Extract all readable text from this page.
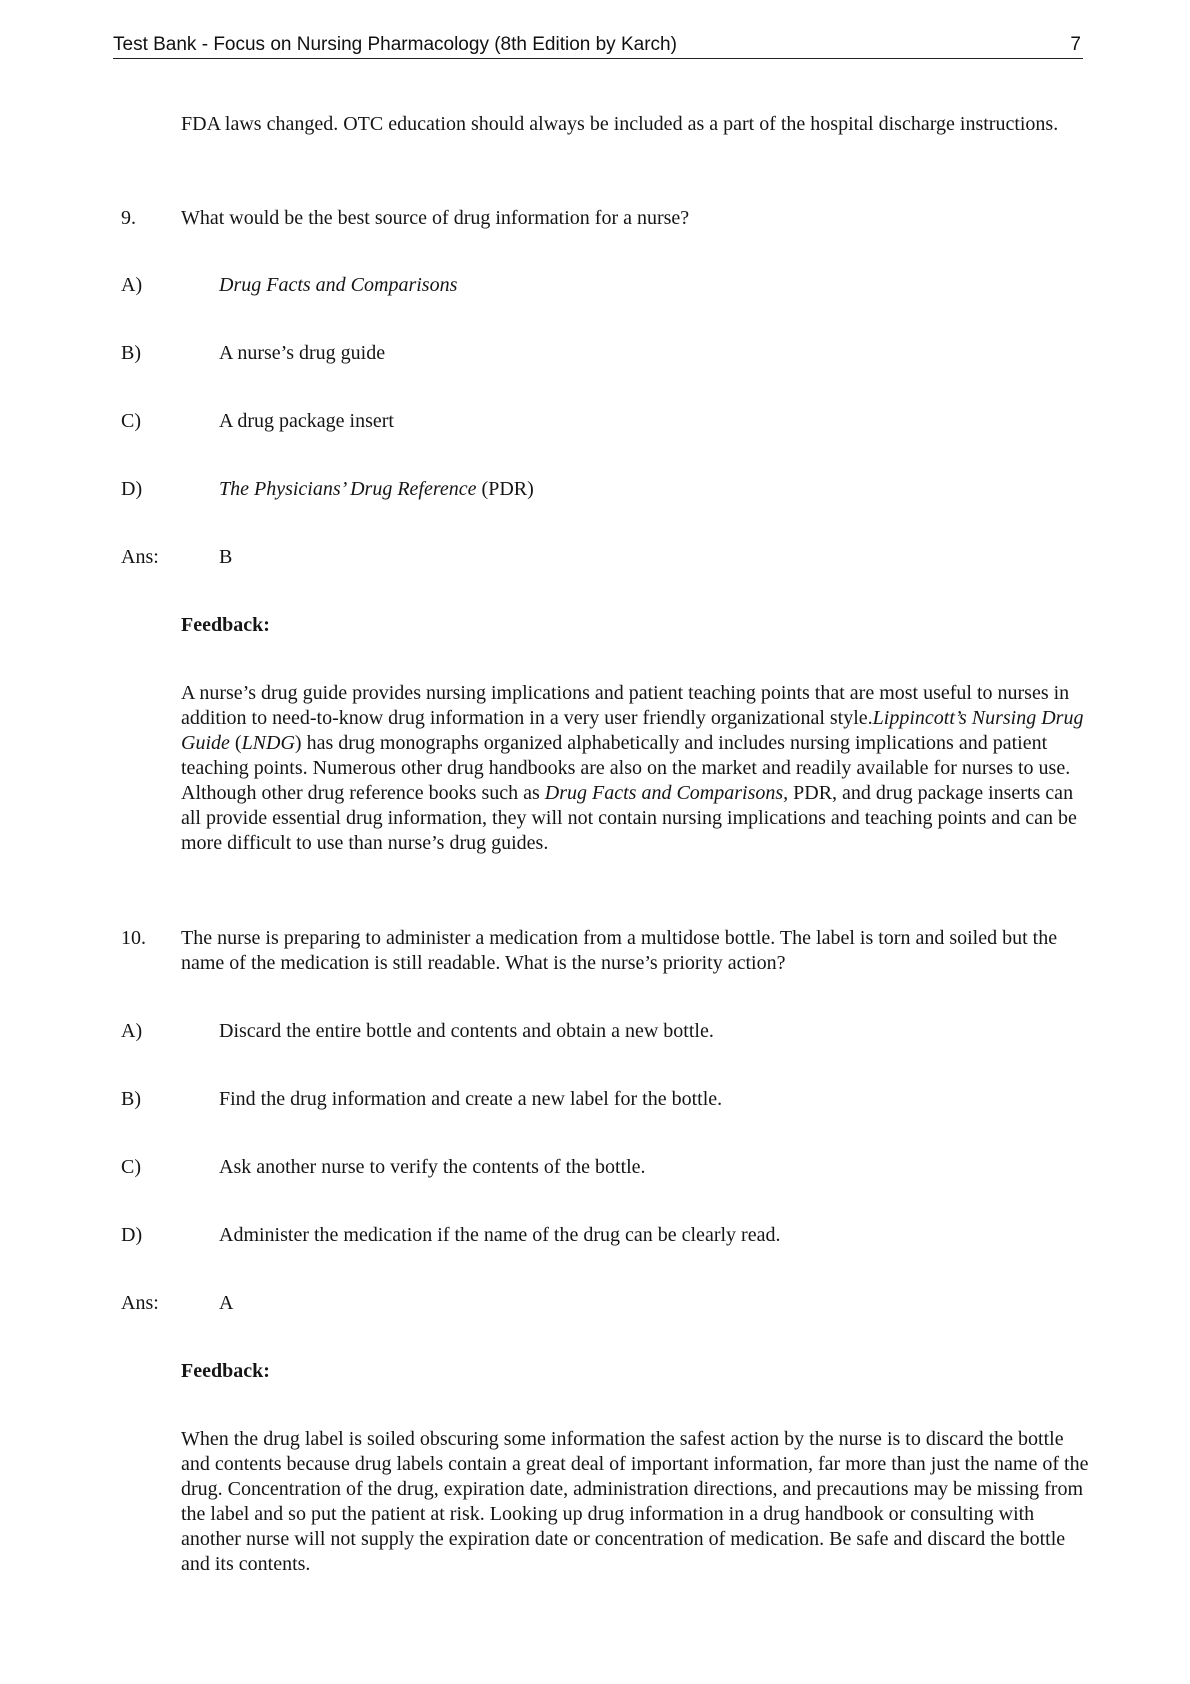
Test Bank - Focus on Nursing Pharmacology (8th Edition by Karch)	7
FDA laws changed. OTC education should always be included as a part of the hospital discharge instructions.
9. What would be the best source of drug information for a nurse?
A)	Drug Facts and Comparisons
B)	A nurse’s drug guide
C)	A drug package insert
D)	The Physicians’ Drug Reference (PDR)
Ans:	B
Feedback:
A nurse’s drug guide provides nursing implications and patient teaching points that are most useful to nurses in addition to need-to-know drug information in a very user friendly organizational style.Lippincott’s Nursing Drug Guide (LNDG) has drug monographs organized alphabetically and includes nursing implications and patient teaching points. Numerous other drug handbooks are also on the market and readily available for nurses to use. Although other drug reference books such as Drug Facts and Comparisons, PDR, and drug package inserts can all provide essential drug information, they will not contain nursing implications and teaching points and can be more difficult to use than nurse’s drug guides.
10. The nurse is preparing to administer a medication from a multidose bottle. The label is torn and soiled but the name of the medication is still readable. What is the nurse’s priority action?
A)	Discard the entire bottle and contents and obtain a new bottle.
B)	Find the drug information and create a new label for the bottle.
C)	Ask another nurse to verify the contents of the bottle.
D)	Administer the medication if the name of the drug can be clearly read.
Ans:	A
Feedback:
When the drug label is soiled obscuring some information the safest action by the nurse is to discard the bottle and contents because drug labels contain a great deal of important information, far more than just the name of the drug. Concentration of the drug, expiration date, administration directions, and precautions may be missing from the label and so put the patient at risk. Looking up drug information in a drug handbook or consulting with another nurse will not supply the expiration date or concentration of medication. Be safe and discard the bottle and its contents.
